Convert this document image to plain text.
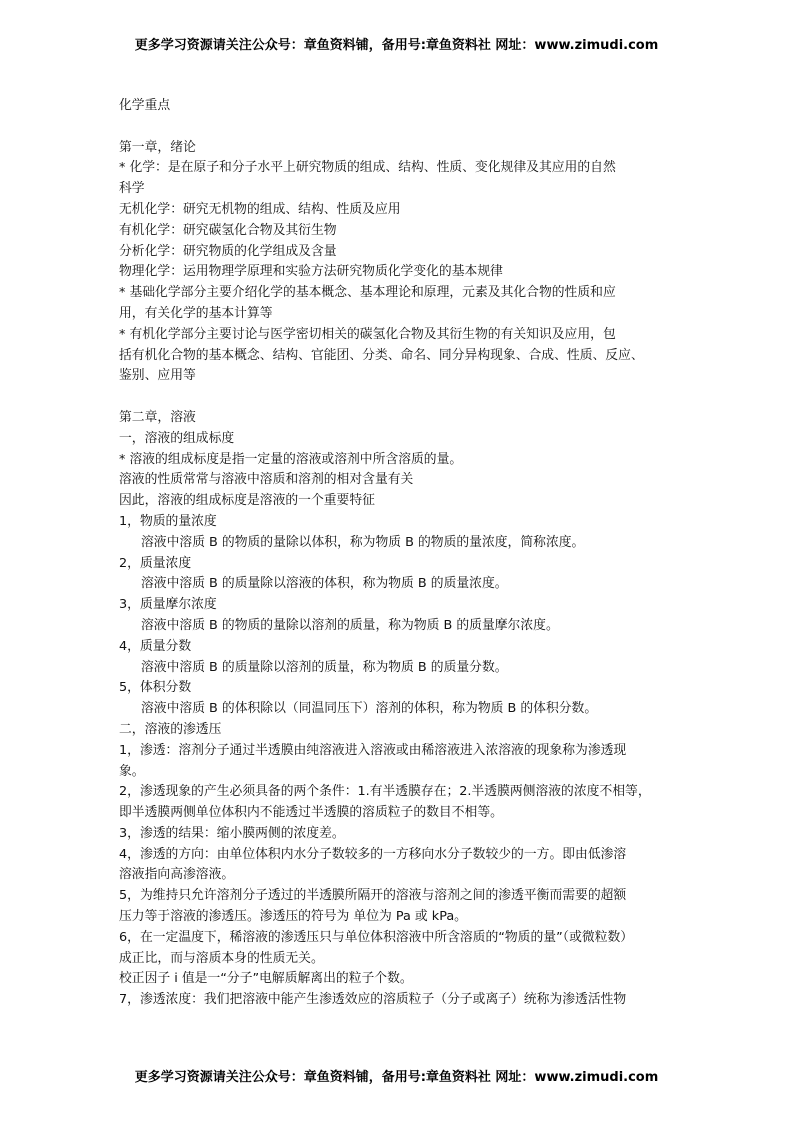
更多学习资源请关注公众号：章鱼资料铺，备用号:章鱼资料社 网址：www.zimudi.com
化学重点
第一章，绪论
* 化学：是在原子和分子水平上研究物质的组成、结构、性质、变化规律及其应用的自然
科学
无机化学：研究无机物的组成、结构、性质及应用
有机化学：研究碳氢化合物及其衍生物
分析化学：研究物质的化学组成及含量
物理化学：运用物理学原理和实验方法研究物质化学变化的基本规律
* 基础化学部分主要介绍化学的基本概念、基本理论和原理，元素及其化合物的性质和应
用，有关化学的基本计算等
* 有机化学部分主要讨论与医学密切相关的碳氢化合物及其衍生物的有关知识及应用，包
括有机化合物的基本概念、结构、官能团、分类、命名、同分异构现象、合成、性质、反应、
鉴别、应用等
第二章，溶液
一，溶液的组成标度
* 溶液的组成标度是指一定量的溶液或溶剂中所含溶质的量。
溶液的性质常常与溶液中溶质和溶剂的相对含量有关
因此，溶液的组成标度是溶液的一个重要特征
1，物质的量浓度
溶液中溶质 B 的物质的量除以体积，称为物质 B 的物质的量浓度，简称浓度。
2，质量浓度
溶液中溶质 B 的质量除以溶液的体积，称为物质 B 的质量浓度。
3，质量摩尔浓度
溶液中溶质 B 的物质的量除以溶剂的质量，称为物质 B 的质量摩尔浓度。
4，质量分数
溶液中溶质 B 的质量除以溶剂的质量，称为物质 B 的质量分数。
5，体积分数
溶液中溶质 B 的体积除以（同温同压下）溶剂的体积，称为物质 B 的体积分数。
二，溶液的渗透压
1，渗透：溶剂分子通过半透膜由纯溶液进入溶液或由稀溶液进入浓溶液的现象称为渗透现
象。
2，渗透现象的产生必须具备的两个条件：1.有半透膜存在；2.半透膜两侧溶液的浓度不相等，
即半透膜两侧单位体积内不能透过半透膜的溶质粒子的数目不相等。
3，渗透的结果：缩小膜两侧的浓度差。
4，渗透的方向：由单位体积内水分子数较多的一方移向水分子数较少的一方。即由低渗溶
溶液指向高渗溶液。
5，为维持只允许溶剂分子透过的半透膜所隔开的溶液与溶剂之间的渗透平衡而需要的超额
压力等于溶液的渗透压。渗透压的符号为 单位为 Pa 或 kPa。
6，在一定温度下，稀溶液的渗透压只与单位体积溶液中所含溶质的“物质的量”（或微粒数）
成正比，而与溶质本身的性质无关。
校正因子 i 值是一“分子”电解质解离出的粒子个数。
7，渗透浓度：我们把溶液中能产生渗透效应的溶质粒子（分子或离子）统称为渗透活性物
更多学习资源请关注公众号：章鱼资料铺，备用号:章鱼资料社 网址：www.zimudi.com
